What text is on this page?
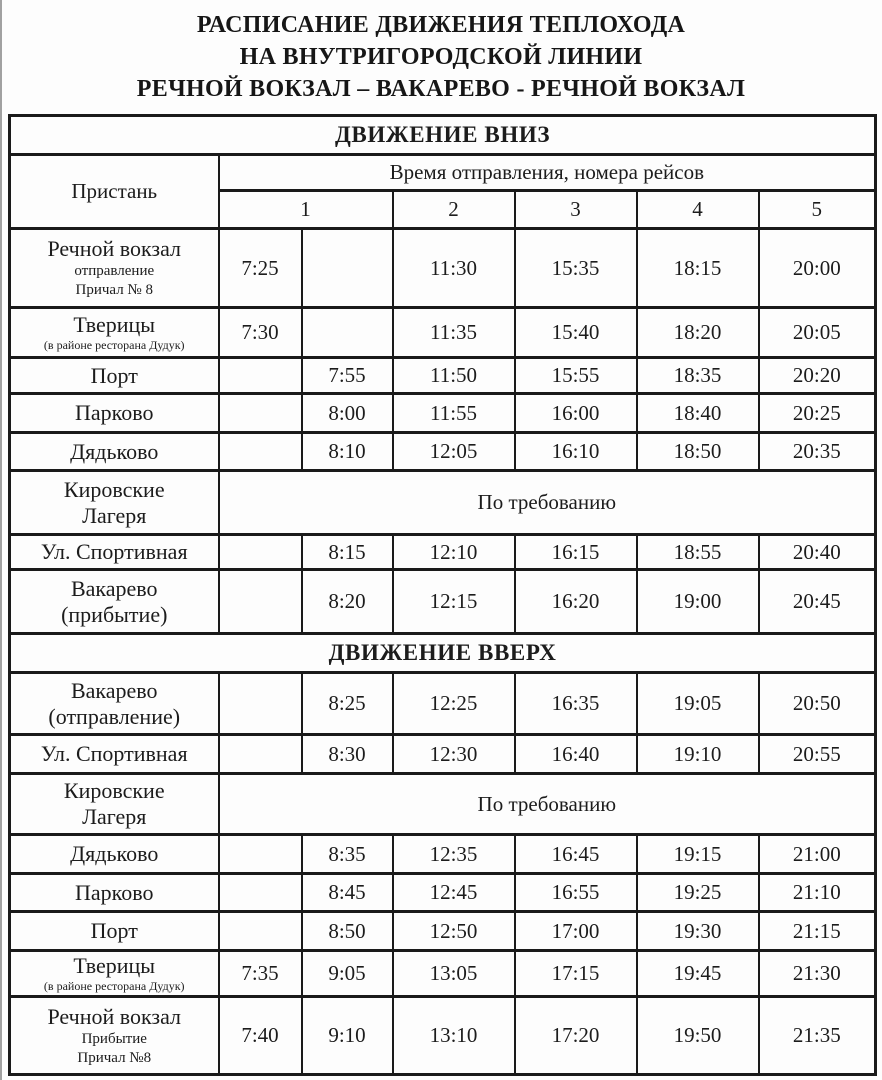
РАСПИСАНИЕ ДВИЖЕНИЯ ТЕПЛОХОДА
НА ВНУТРИГОРОДСКОЙ ЛИНИИ
РЕЧНОЙ ВОКЗАЛ – ВАКАРЕВО - РЕЧНОЙ ВОКЗАЛ
ДВИЖЕНИЕ ВНИЗ						
Пристань	Время отправления, номера рейсов					
	1		2	3	4	5

Речной вокзал
отправление
Причал № 8	7:25		11:30	15:35	18:15	20:00

Тверицы
(в районе ресторана Дудук)	7:30		11:35	15:40	18:20	20:05

Порт		7:55	11:50	15:55	18:35	20:20

Парково		8:00	11:55	16:00	18:40	20:25

Дядьково		8:10	12:05	16:10	18:50	20:35

Кировские
Лагеря	По требованию					

Ул. Спортивная		8:15	12:10	16:15	18:55	20:40

Вакарево
(прибытие)		8:20	12:15	16:20	19:00	20:45
ДВИЖЕНИЕ ВВЕРХ						

Вакарево
(отправление)		8:25	12:25	16:35	19:05	20:50

Ул. Спортивная		8:30	12:30	16:40	19:10	20:55

Кировские
Лагеря	По требованию					

Дядьково		8:35	12:35	16:45	19:15	21:00

Парково		8:45	12:45	16:55	19:25	21:10

Порт		8:50	12:50	17:00	19:30	21:15

Тверицы
(в районе ресторана Дудук)	7:35	9:05	13:05	17:15	19:45	21:30

Речной вокзал
Прибытие
Причал №8	7:40	9:10	13:10	17:20	19:50	21:35
